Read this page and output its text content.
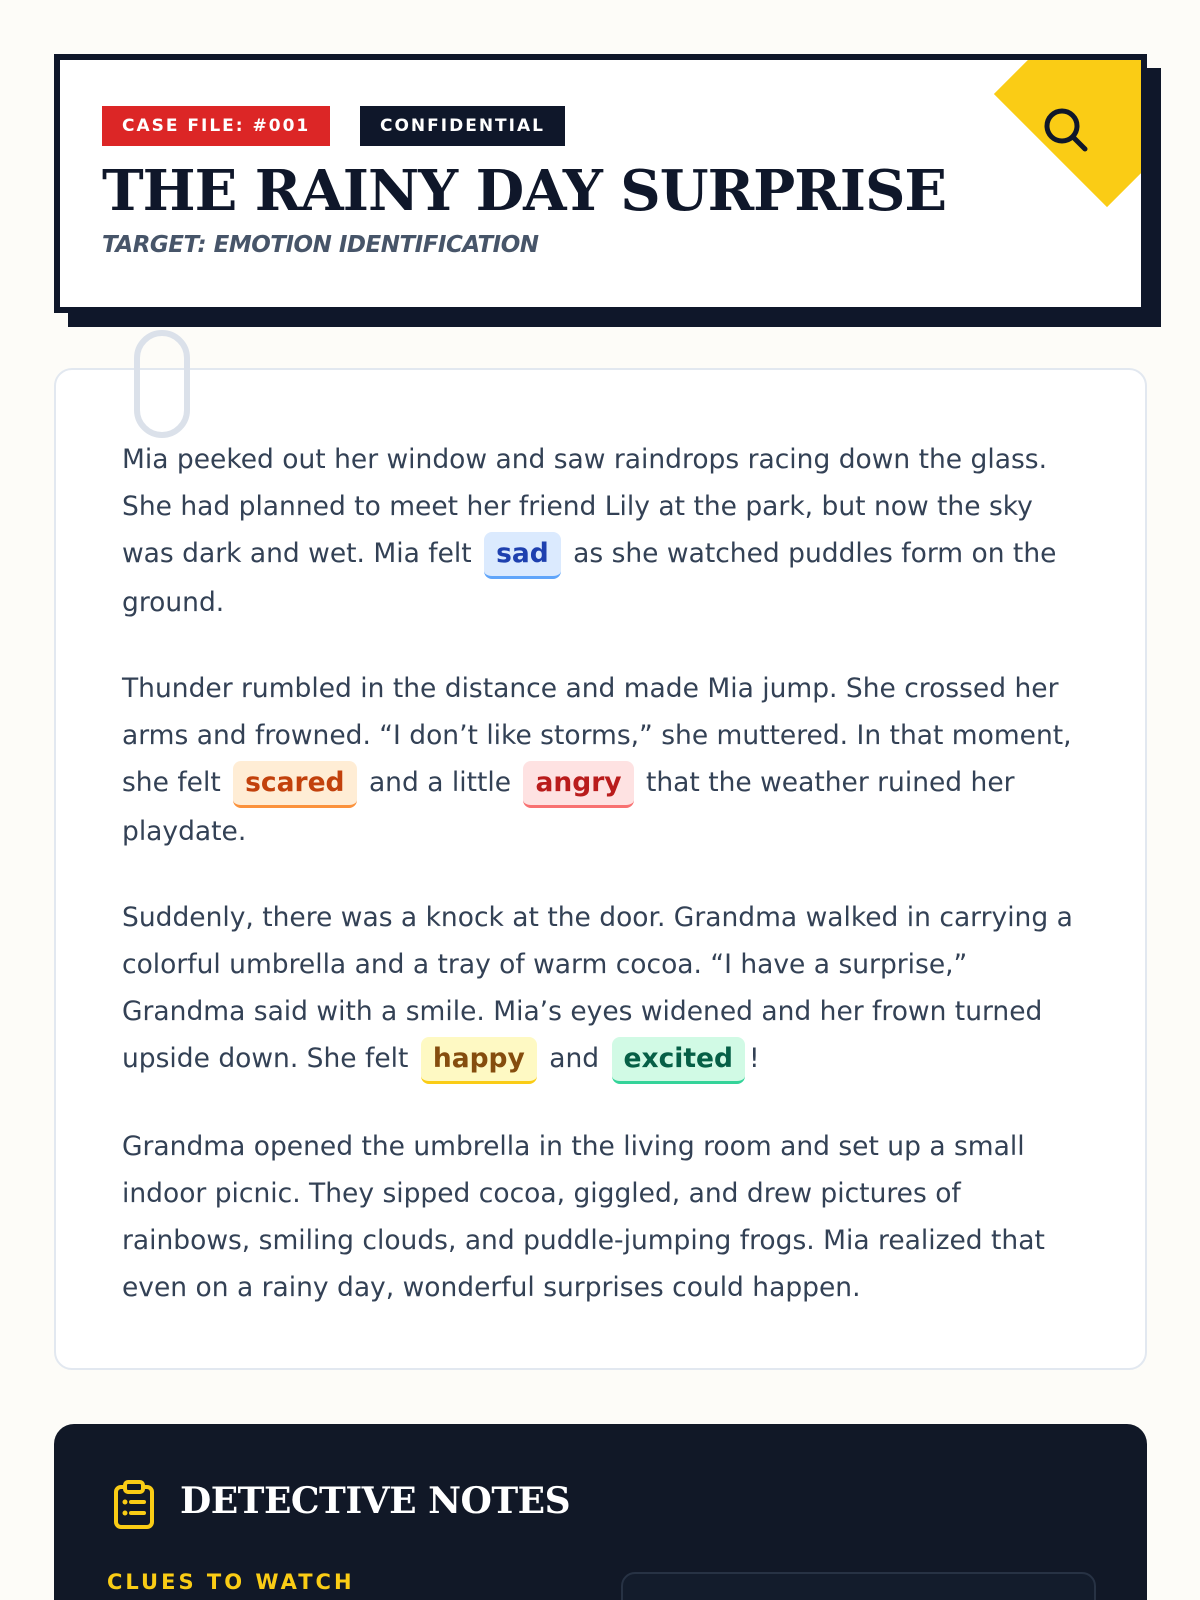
CASE FILE: #001	CONFIDENTIAL
THE RAINY DAY SURPRISE
TARGET: EMOTION IDENTIFICATION

Mia peeked out her window and saw raindrops racing down the glass. She had planned to meet her friend Lily at the park, but now the sky was dark and wet. Mia felt sad as she watched puddles form on the ground.

Thunder rumbled in the distance and made Mia jump. She crossed her arms and frowned. “I don’t like storms,” she muttered. In that moment, she felt scared and a little angry that the weather ruined her playdate.

Suddenly, there was a knock at the door. Grandma walked in carrying a colorful umbrella and a tray of warm cocoa. “I have a surprise,” Grandma said with a smile. Mia’s eyes widened and her frown turned upside down. She felt happy and excited !

Grandma opened the umbrella in the living room and set up a small indoor picnic. They sipped cocoa, giggled, and drew pictures of rainbows, smiling clouds, and puddle-jumping frogs. Mia realized that even on a rainy day, wonderful surprises could happen.

DETECTIVE NOTES
CLUES TO WATCH
